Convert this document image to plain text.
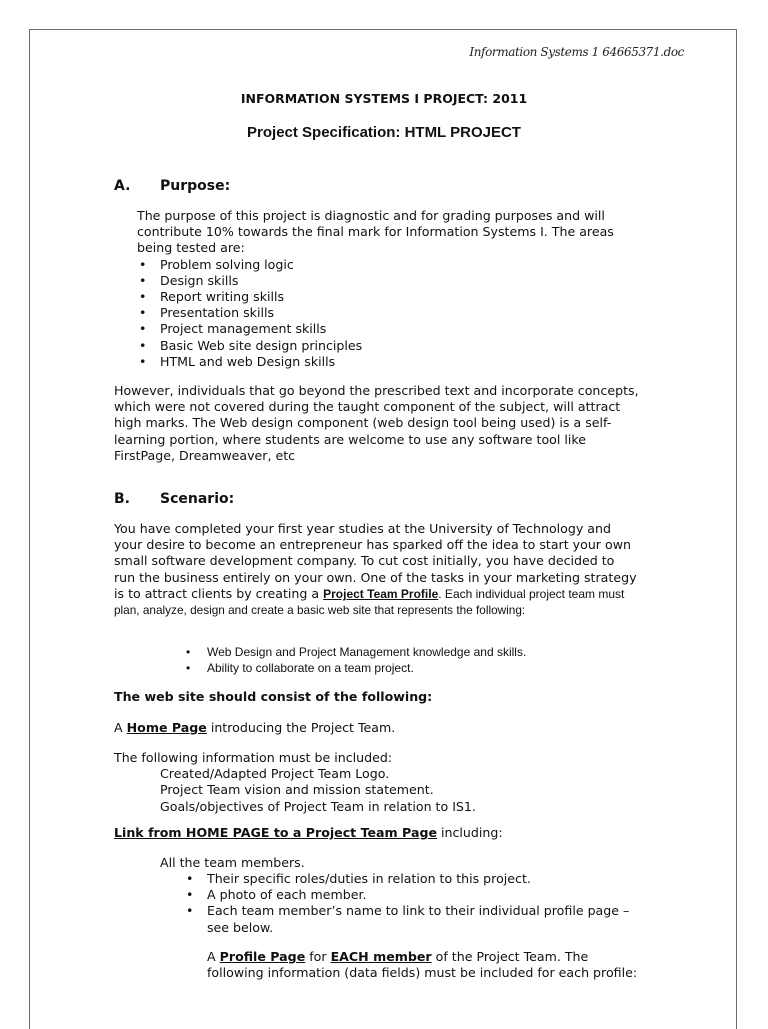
Information Systems 1 64665371.doc
INFORMATION SYSTEMS I PROJECT: 2011
Project Specification: HTML PROJECT
A. Purpose:
The purpose of this project is diagnostic and for grading purposes and will
contribute 10% towards the final mark for Information Systems I. The areas
being tested are:
• Problem solving logic
• Design skills
• Report writing skills
• Presentation skills
• Project management skills
• Basic Web site design principles
• HTML and web Design skills
However, individuals that go beyond the prescribed text and incorporate concepts,
which were not covered during the taught component of the subject, will attract
high marks. The Web design component (web design tool being used) is a self-
learning portion, where students are welcome to use any software tool like
FirstPage, Dreamweaver, etc
B. Scenario:
You have completed your first year studies at the University of Technology and
your desire to become an entrepreneur has sparked off the idea to start your own
small software development company. To cut cost initially, you have decided to
run the business entirely on your own. One of the tasks in your marketing strategy
is to attract clients by creating a Project Team Profile. Each individual project team must
plan, analyze, design and create a basic web site that represents the following:
• Web Design and Project Management knowledge and skills.
• Ability to collaborate on a team project.
The web site should consist of the following:
A Home Page introducing the Project Team.
The following information must be included:
Created/Adapted Project Team Logo.
Project Team vision and mission statement.
Goals/objectives of Project Team in relation to IS1.
Link from HOME PAGE to a Project Team Page including:
All the team members.
• Their specific roles/duties in relation to this project.
• A photo of each member.
• Each team member’s name to link to their individual profile page –
see below.
A Profile Page for EACH member of the Project Team. The
following information (data fields) must be included for each profile:
